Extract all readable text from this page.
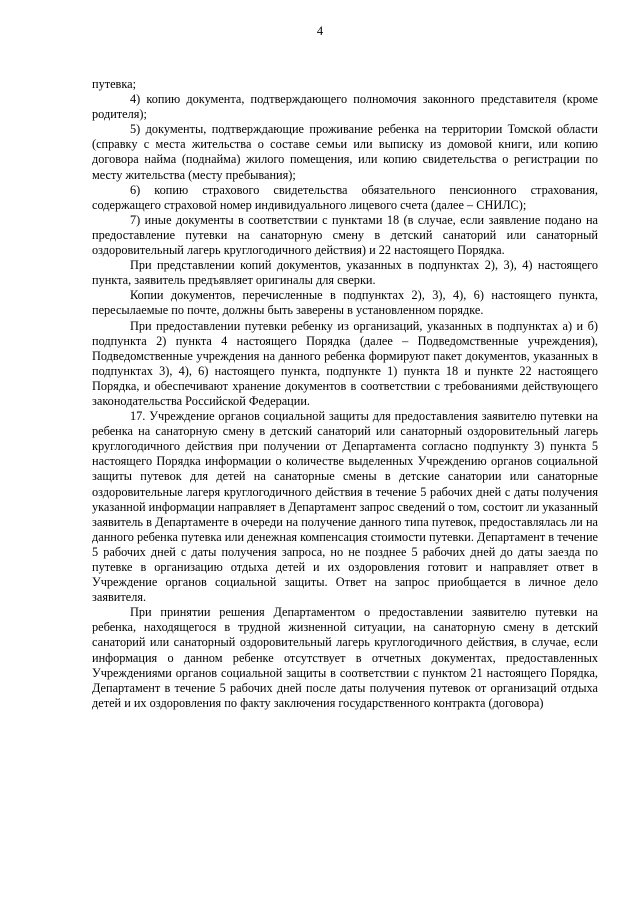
4

путевка;

4) копию документа, подтверждающего полномочия законного представителя (кроме родителя);

5) документы, подтверждающие проживание ребенка на территории Томской области (справку с места жительства о составе семьи или выписку из домовой книги, или копию договора найма (поднайма) жилого помещения, или копию свидетельства о регистрации по месту жительства (месту пребывания);

6) копию страхового свидетельства обязательного пенсионного страхования, содержащего страховой номер индивидуального лицевого счета (далее – СНИЛС);

7) иные документы в соответствии с пунктами 18 (в случае, если заявление подано на предоставление путевки на санаторную смену в детский санаторий или санаторный оздоровительный лагерь круглогодичного действия) и 22 настоящего Порядка.

При представлении копий документов, указанных в подпунктах 2), 3), 4) настоящего пункта, заявитель предъявляет оригиналы для сверки.

Копии документов, перечисленные в подпунктах 2), 3), 4), 6) настоящего пункта, пересылаемые по почте, должны быть заверены в установленном порядке.

При предоставлении путевки ребенку из организаций, указанных в подпунктах а) и б) подпункта 2) пункта 4 настоящего Порядка (далее – Подведомственные учреждения), Подведомственные учреждения на данного ребенка формируют пакет документов, указанных в подпунктах 3), 4), 6) настоящего пункта, подпункте 1) пункта 18 и пункте 22 настоящего Порядка, и обеспечивают хранение документов в соответствии с требованиями действующего законодательства Российской Федерации.

17. Учреждение органов социальной защиты для предоставления заявителю путевки на ребенка на санаторную смену в детский санаторий или санаторный оздоровительный лагерь круглогодичного действия при получении от Департамента согласно подпункту 3) пункта 5 настоящего Порядка информации о количестве выделенных Учреждению органов социальной защиты путевок для детей на санаторные смены в детские санатории или санаторные оздоровительные лагеря круглогодичного действия в течение 5 рабочих дней с даты получения указанной информации направляет в Департамент запрос сведений о том, состоит ли указанный заявитель в Департаменте в очереди на получение данного типа путевок, предоставлялась ли на данного ребенка путевка или денежная компенсация стоимости путевки. Департамент в течение 5 рабочих дней с даты получения запроса, но не позднее 5 рабочих дней до даты заезда по путевке в организацию отдыха детей и их оздоровления готовит и направляет ответ в Учреждение органов социальной защиты. Ответ на запрос приобщается в личное дело заявителя.

При принятии решения Департаментом о предоставлении заявителю путевки на ребенка, находящегося в трудной жизненной ситуации, на санаторную смену в детский санаторий или санаторный оздоровительный лагерь круглогодичного действия, в случае, если информация о данном ребенке отсутствует в отчетных документах, предоставленных Учреждениями органов социальной защиты в соответствии с пунктом 21 настоящего Порядка, Департамент в течение 5 рабочих дней после даты получения путевок от организаций отдыха детей и их оздоровления по факту заключения государственного контракта (договора)
